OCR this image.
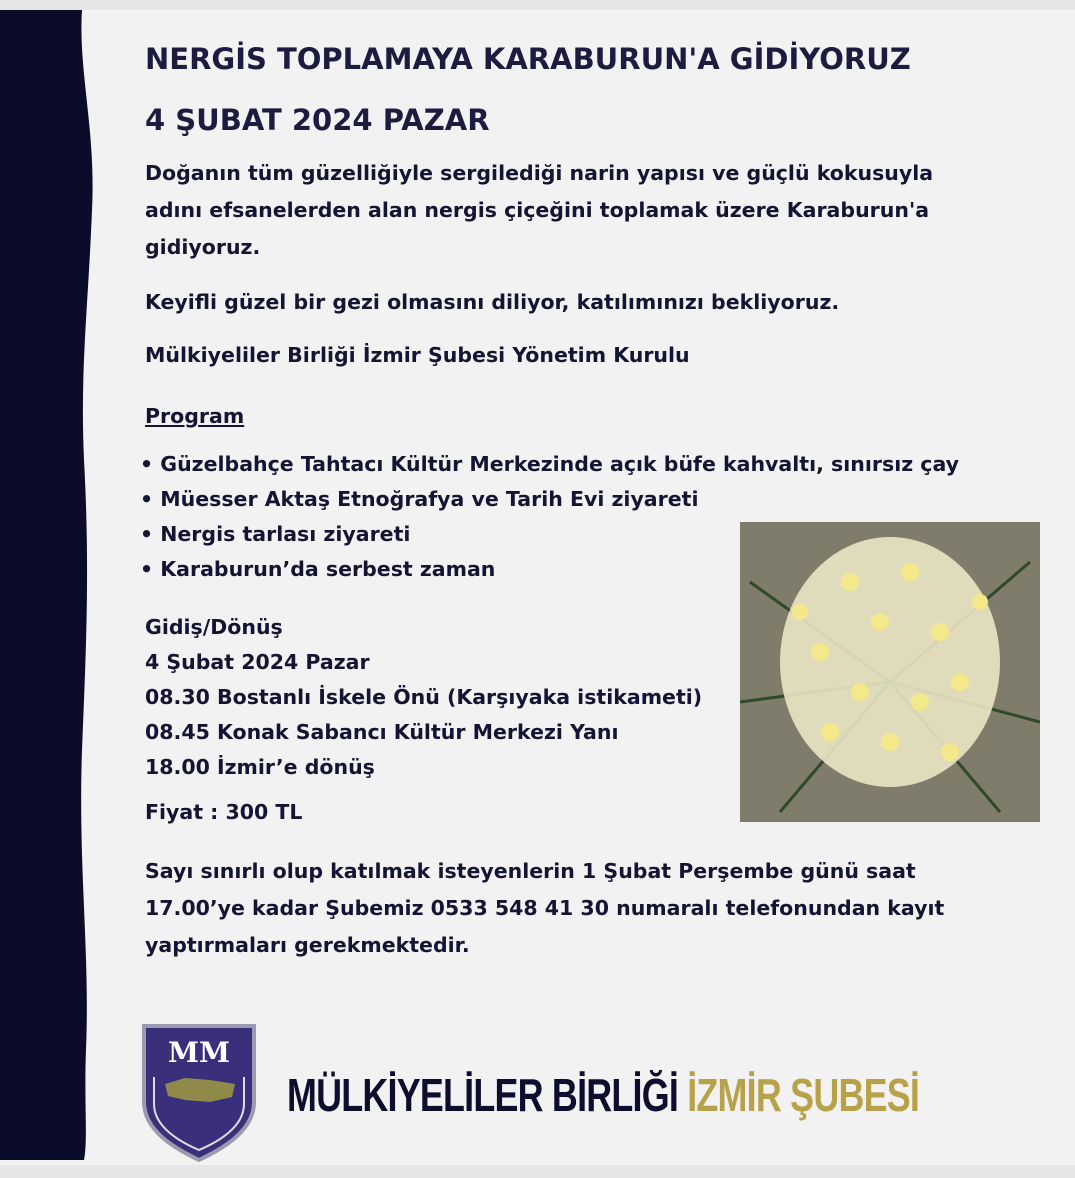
NERGİS TOPLAMAYA KARABURUN'A GİDİYORUZ
4 ŞUBAT 2024 PAZAR
Doğanın tüm güzelliğiyle sergilediği narin yapısı ve güçlü kokusuyla
adını efsanelerden alan nergis çiçeğini toplamak üzere Karaburun'a
gidiyoruz.
Keyifli güzel bir gezi olmasını diliyor, katılımınızı bekliyoruz.
Mülkiyeliler Birliği İzmir Şubesi Yönetim Kurulu
Program
• Güzelbahçe Tahtacı Kültür Merkezinde açık büfe kahvaltı, sınırsız çay
• Müesser Aktaş Etnoğrafya ve Tarih Evi ziyareti
• Nergis tarlası ziyareti
• Karaburun’da serbest zaman
Gidiş/Dönüş
4 Şubat 2024 Pazar
08.30 Bostanlı İskele Önü (Karşıyaka istikameti)
08.45 Konak Sabancı Kültür Merkezi Yanı
18.00 İzmir’e dönüş
Fiyat : 300 TL
Sayı sınırlı olup katılmak isteyenlerin 1 Şubat Perşembe günü saat
17.00’ye kadar Şubemiz 0533 548 41 30 numaralı telefonundan kayıt
yaptırmaları gerekmektedir.
MM
MÜLKİYELİLER BİRLİĞİ İZMİR ŞUBESİ
